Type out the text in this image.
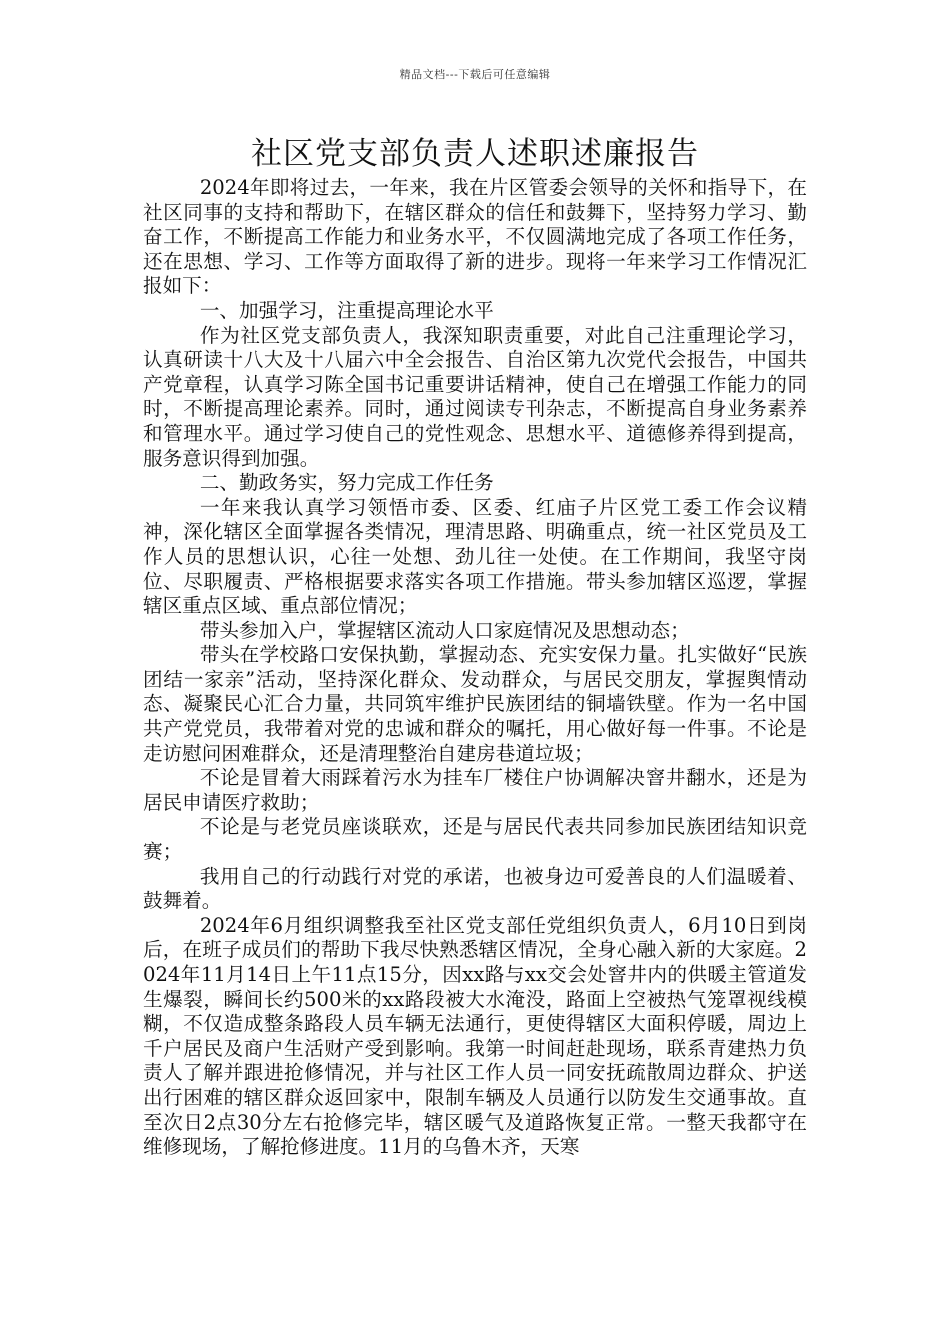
精品文档---下载后可任意编辑
社区党支部负责人述职述廉报告

2024年即将过去，一年来，我在片区管委会领导的关怀和指导下，在社区同事的支持和帮助下，在辖区群众的信任和鼓舞下，坚持努力学习、勤奋工作，不断提高工作能力和业务水平，不仅圆满地完成了各项工作任务，还在思想、学习、工作等方面取得了新的进步。现将一年来学习工作情况汇报如下：

一、加强学习，注重提高理论水平

作为社区党支部负责人，我深知职责重要，对此自己注重理论学习，认真研读十八大及十八届六中全会报告、自治区第九次党代会报告，中国共产党章程，认真学习陈全国书记重要讲话精神，使自己在增强工作能力的同时，不断提高理论素养。同时，通过阅读专刊杂志，不断提高自身业务素养和管理水平。通过学习使自己的党性观念、思想水平、道德修养得到提高，服务意识得到加强。

二、勤政务实，努力完成工作任务

一年来我认真学习领悟市委、区委、红庙子片区党工委工作会议精神，深化辖区全面掌握各类情况，理清思路、明确重点，统一社区党员及工作人员的思想认识，心往一处想、劲儿往一处使。在工作期间，我坚守岗位、尽职履责、严格根据要求落实各项工作措施。带头参加辖区巡逻，掌握辖区重点区域、重点部位情况；

带头参加入户，掌握辖区流动人口家庭情况及思想动态；

带头在学校路口安保执勤，掌握动态、充实安保力量。扎实做好“民族团结一家亲”活动，坚持深化群众、发动群众，与居民交朋友，掌握舆情动态、凝聚民心汇合力量，共同筑牢维护民族团结的铜墙铁壁。作为一名中国共产党党员，我带着对党的忠诚和群众的嘱托，用心做好每一件事。不论是走访慰问困难群众，还是清理整治自建房巷道垃圾；

不论是冒着大雨踩着污水为挂车厂楼住户协调解决窨井翻水，还是为居民申请医疗救助；

不论是与老党员座谈联欢，还是与居民代表共同参加民族团结知识竞赛；

我用自己的行动践行对党的承诺，也被身边可爱善良的人们温暖着、鼓舞着。

2024年6月组织调整我至社区党支部任党组织负责人，6月10日到岗后，在班子成员们的帮助下我尽快熟悉辖区情况，全身心融入新的大家庭。2024年11月14日上午11点15分，因xx路与xx交会处窨井内的供暖主管道发生爆裂，瞬间长约500米的xx路段被大水淹没，路面上空被热气笼罩视线模糊，不仅造成整条路段人员车辆无法通行，更使得辖区大面积停暖，周边上千户居民及商户生活财产受到影响。我第一时间赶赴现场，联系青建热力负责人了解并跟进抢修情况，并与社区工作人员一同安抚疏散周边群众、护送出行困难的辖区群众返回家中，限制车辆及人员通行以防发生交通事故。直至次日2点30分左右抢修完毕，辖区暖气及道路恢复正常。一整天我都守在维修现场，了解抢修进度。11月的乌鲁木齐，天寒
